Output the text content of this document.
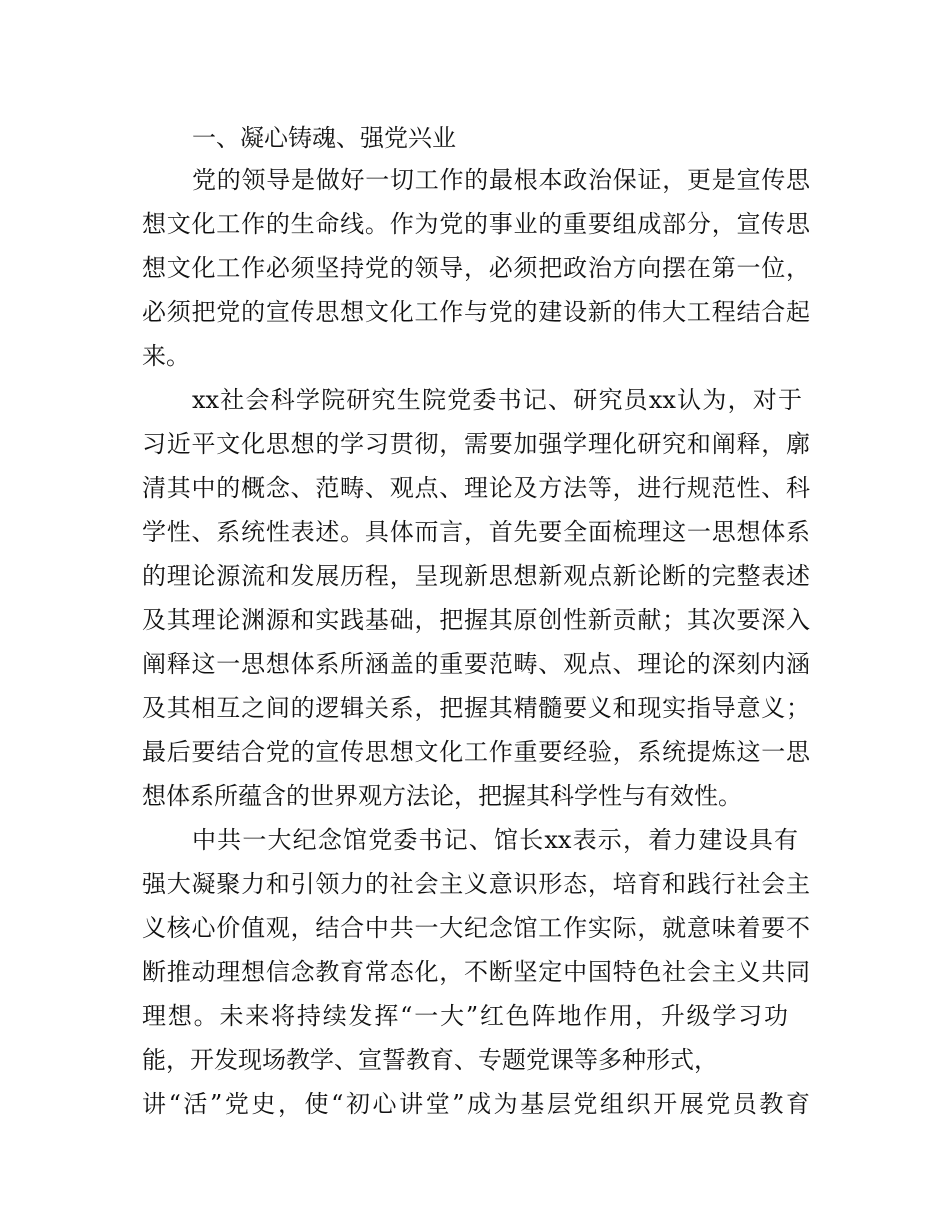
一、凝心铸魂、强党兴业
党的领导是做好一切工作的最根本政治保证，更是宣传思
想文化工作的生命线。作为党的事业的重要组成部分，宣传思
想文化工作必须坚持党的领导，必须把政治方向摆在第一位，
必须把党的宣传思想文化工作与党的建设新的伟大工程结合起
来。
xx社会科学院研究生院党委书记、研究员xx认为，对于
习近平文化思想的学习贯彻，需要加强学理化研究和阐释，廓
清其中的概念、范畴、观点、理论及方法等，进行规范性、科
学性、系统性表述。具体而言，首先要全面梳理这一思想体系
的理论源流和发展历程，呈现新思想新观点新论断的完整表述
及其理论渊源和实践基础，把握其原创性新贡献；其次要深入
阐释这一思想体系所涵盖的重要范畴、观点、理论的深刻内涵
及其相互之间的逻辑关系，把握其精髓要义和现实指导意义；
最后要结合党的宣传思想文化工作重要经验，系统提炼这一思
想体系所蕴含的世界观方法论，把握其科学性与有效性。
中共一大纪念馆党委书记、馆长xx表示，着力建设具有
强大凝聚力和引领力的社会主义意识形态，培育和践行社会主
义核心价值观，结合中共一大纪念馆工作实际，就意味着要不
断推动理想信念教育常态化，不断坚定中国特色社会主义共同
理想。未来将持续发挥“一大”红色阵地作用，升级学习功
能，开发现场教学、宣誓教育、专题党课等多种形式，
讲“活”党史，使“初心讲堂”成为基层党组织开展党员教育
